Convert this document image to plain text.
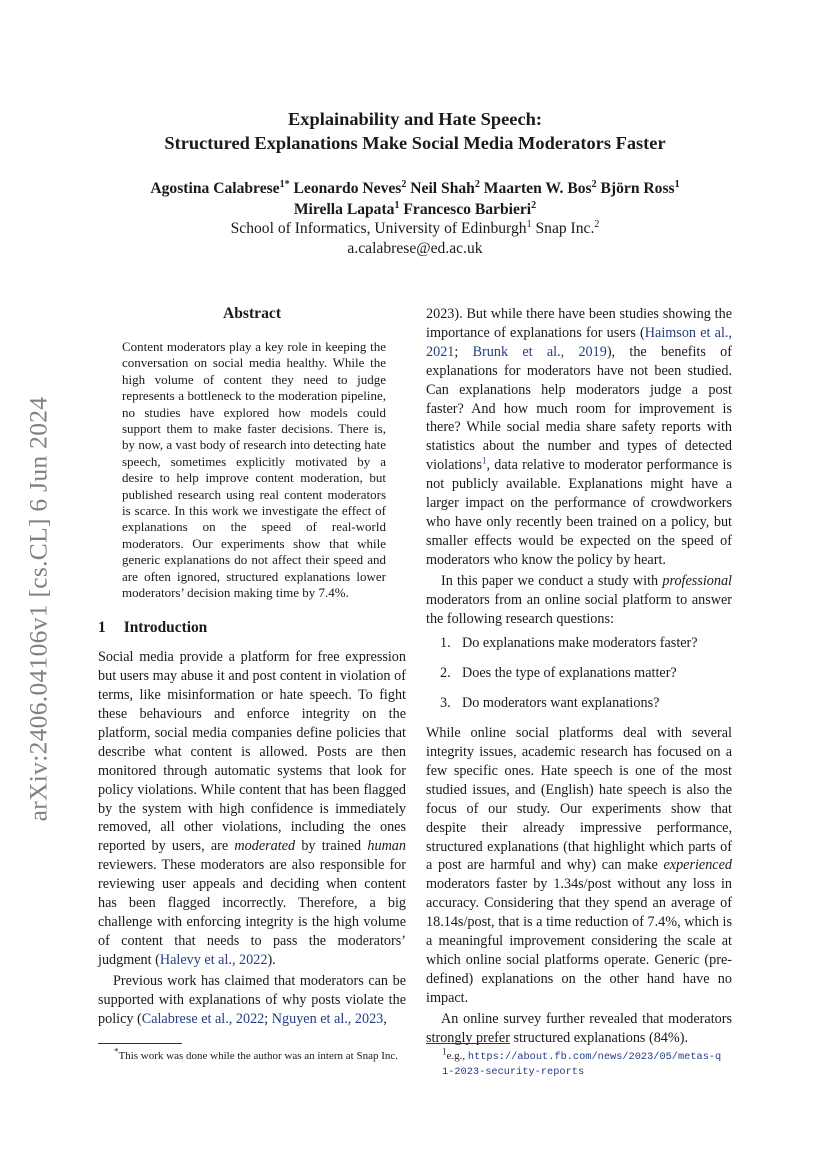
arXiv:2406.04106v1 [cs.CL] 6 Jun 2024
Explainability and Hate Speech:
Structured Explanations Make Social Media Moderators Faster
Agostina Calabrese$^{1*}$ Leonardo Neves$^2$ Neil Shah$^2$ Maarten W. Bos$^2$ Björn Ross$^1$
Mirella Lapata$^1$ Francesco Barbieri$^2$
School of Informatics, University of Edinburgh$^1$ Snap Inc.$^2$
a.calabrese@ed.ac.uk
Abstract

Content moderators play a key role in keeping the conversation on social media healthy. While the high volume of content they need to judge represents a bottleneck to the moderation pipeline, no studies have explored how models could support them to make faster decisions. There is, by now, a vast body of research into detecting hate speech, sometimes explicitly motivated by a desire to help improve content moderation, but published research using real content moderators is scarce. In this work we investigate the effect of explanations on the speed of real-world moderators. Our experiments show that while generic explanations do not affect their speed and are often ignored, structured explanations lower moderators’ decision making time by 7.4%.

1 Introduction

Social media provide a platform for free expression but users may abuse it and post content in violation of terms, like misinformation or hate speech. To fight these behaviours and enforce integrity on the platform, social media companies define policies that describe what content is allowed. Posts are then monitored through automatic systems that look for policy violations. While content that has been flagged by the system with high confidence is immediately removed, all other violations, including the ones reported by users, are moderated by trained human reviewers. These moderators are also responsible for reviewing user appeals and deciding when content has been flagged incorrectly. Therefore, a big challenge with enforcing integrity is the high volume of content that needs to pass the moderators’ judgment (Halevy et al., 2022).

Previous work has claimed that moderators can be supported with explanations of why posts violate the policy (Calabrese et al., 2022; Nguyen et al., 2023,

2023). But while there have been studies showing the importance of explanations for users (Haimson et al., 2021; Brunk et al., 2019), the benefits of explanations for moderators have not been studied. Can explanations help moderators judge a post faster? And how much room for improvement is there? While social media share safety reports with statistics about the number and types of detected violations$^1$, data relative to moderator performance is not publicly available. Explanations might have a larger impact on the performance of crowdworkers who have only recently been trained on a policy, but smaller effects would be expected on the speed of moderators who know the policy by heart.

In this paper we conduct a study with professional moderators from an online social platform to answer the following research questions:

1. Do explanations make moderators faster?
2. Does the type of explanations matter?
3. Do moderators want explanations?

While online social platforms deal with several integrity issues, academic research has focused on a few specific ones. Hate speech is one of the most studied issues, and (English) hate speech is also the focus of our study. Our experiments show that despite their already impressive performance, structured explanations (that highlight which parts of a post are harmful and why) can make experienced moderators faster by 1.34s/post without any loss in accuracy. Considering that they spend an average of 18.14s/post, that is a time reduction of 7.4%, which is a meaningful improvement considering the scale at which online social platforms operate. Generic (pre-defined) explanations on the other hand have no impact.

An online survey further revealed that moderators strongly prefer structured explanations (84%).

*This work was done while the author was an intern at Snap Inc.	$^1$e.g., https://about.fb.com/news/2023/05/metas-q
1-2023-security-reports
